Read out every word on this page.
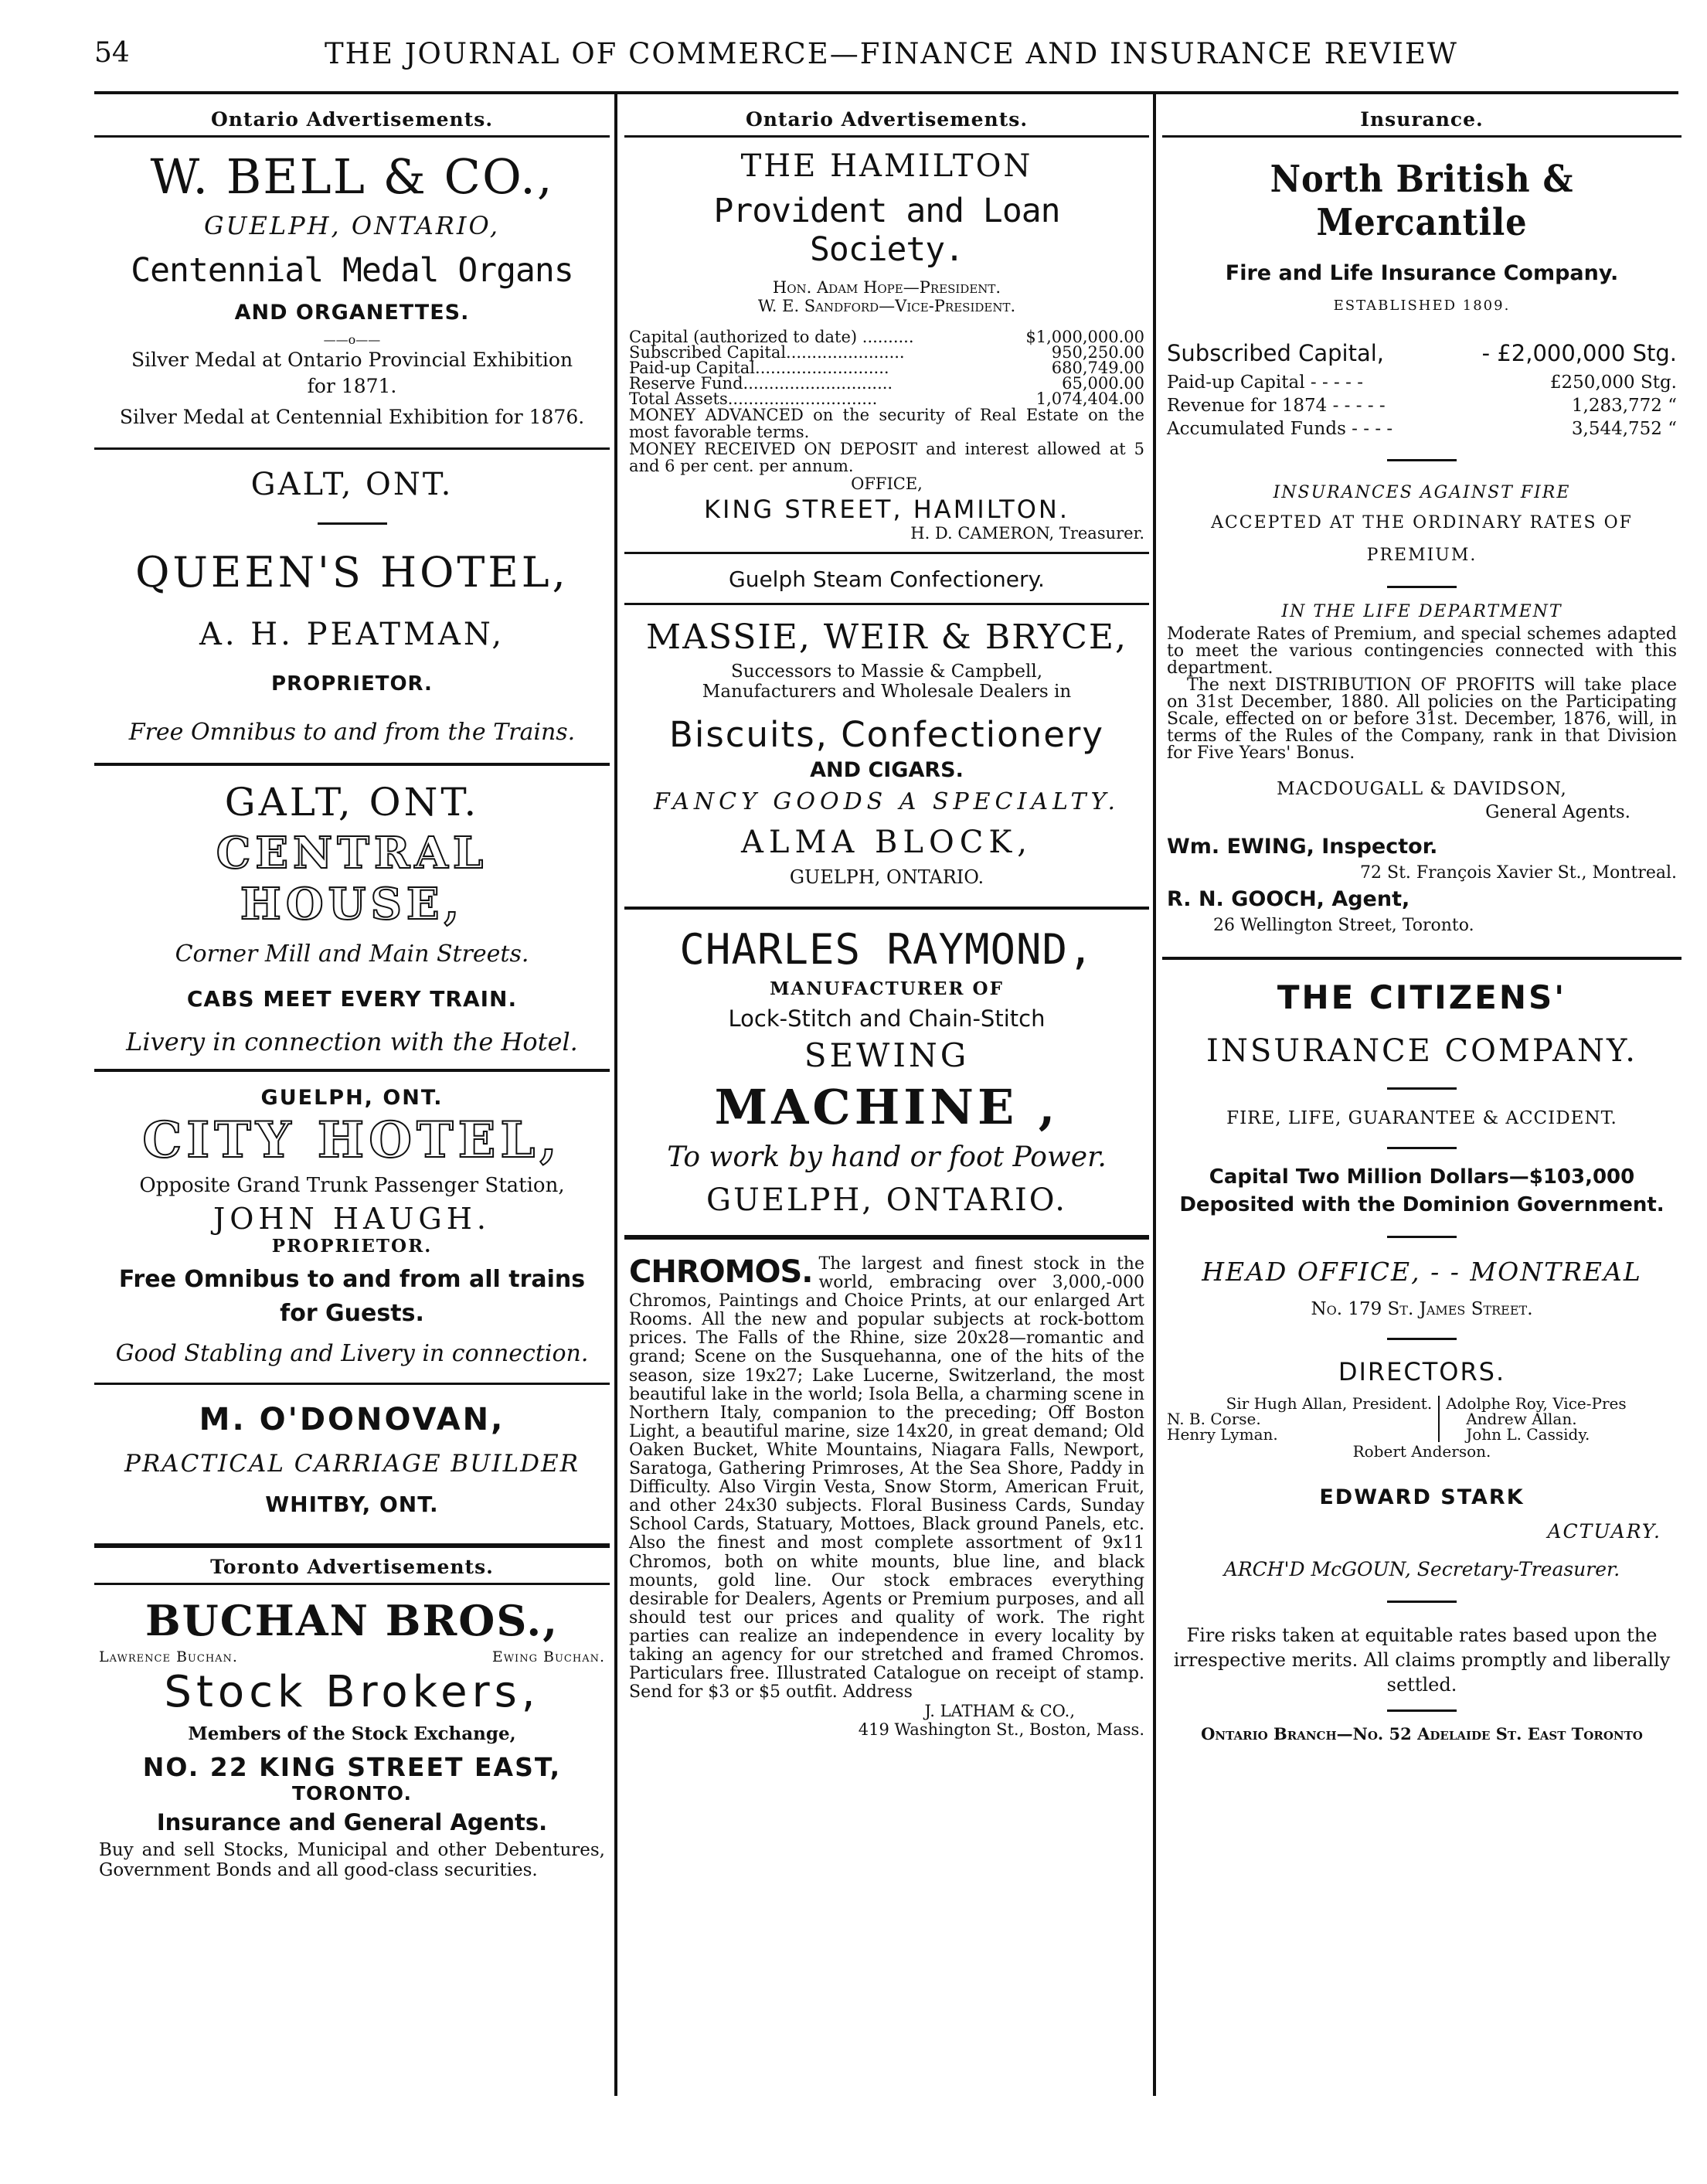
54	THE JOURNAL OF COMMERCE—FINANCE AND INSURANCE REVIEW
Ontario Advertisements.
W. BELL & CO.,
GUELPH, ONTARIO,
Centennial Medal Organs
AND ORGANETTES.
——o——
Silver Medal at Ontario Provincial Exhibition for 1871.
Silver Medal at Centennial Exhibition for 1876.
GALT, ONT.
QUEEN'S HOTEL,
A. H. PEATMAN,
PROPRIETOR.
Free Omnibus to and from the Trains.
GALT, ONT.
CENTRAL HOUSE,
Corner Mill and Main Streets.
CABS MEET EVERY TRAIN.
Livery in connection with the Hotel.
GUELPH, ONT.
CITY HOTEL,
Opposite Grand Trunk Passenger Station,
JOHN HAUGH.
PROPRIETOR.
Free Omnibus to and from all trains for Guests.
Good Stabling and Livery in connection.
M. O'DONOVAN,
PRACTICAL CARRIAGE BUILDER
WHITBY, ONT.
Toronto Advertisements.
BUCHAN BROS.,
Lawrence Buchan.	Ewing Buchan.
Stock Brokers,
Members of the Stock Exchange,
NO. 22 KING STREET EAST,
TORONTO.
Insurance and General Agents.

Buy and sell Stocks, Municipal and other Debentures, Government Bonds and all good-class securities.

Ontario Advertisements.
THE HAMILTON
Provident and Loan Society.
Hon. Adam Hope—President.
W. E. Sandford—Vice-President.
Capital (authorized to date) ..........	$1,000,000.00
Subscribed Capital.......................	950,250.00
Paid-up Capital..........................	680,749.00
Reserve Fund.............................	65,000.00
Total Assets.............................	1,074,404.00

MONEY ADVANCED on the security of Real Estate on the most favorable terms.

MONEY RECEIVED ON DEPOSIT and interest allowed at 5 and 6 per cent. per annum.

OFFICE,
KING STREET, HAMILTON.
H. D. CAMERON, Treasurer.
Guelph Steam Confectionery.
MASSIE, WEIR & BRYCE,
Successors to Massie & Campbell,
Manufacturers and Wholesale Dealers in
Biscuits, Confectionery
AND CIGARS.
FANCY GOODS A SPECIALTY.
ALMA BLOCK,
GUELPH, ONTARIO.
CHARLES RAYMOND,
MANUFACTURER OF
Lock-Stitch and Chain-Stitch
SEWING
MACHINE ,
To work by hand or foot Power.
GUELPH, ONTARIO.

CHROMOS. The largest and finest stock in the world, embracing over 3,000,-000 Chromos, Paintings and Choice Prints, at our enlarged Art Rooms. All the new and popular subjects at rock-bottom prices. The Falls of the Rhine, size 20x28—romantic and grand; Scene on the Susquehanna, one of the hits of the season, size 19x27; Lake Lucerne, Switzerland, the most beautiful lake in the world; Isola Bella, a charming scene in Northern Italy, companion to the preceding; Off Boston Light, a beautiful marine, size 14x20, in great demand; Old Oaken Bucket, White Mountains, Niagara Falls, Newport, Saratoga, Gathering Primroses, At the Sea Shore, Paddy in Difficulty. Also Virgin Vesta, Snow Storm, American Fruit, and other 24x30 subjects. Floral Business Cards, Sunday School Cards, Statuary, Mottoes, Black ground Panels, etc. Also the finest and most complete assortment of 9x11 Chromos, both on white mounts, blue line, and black mounts, gold line. Our stock embraces everything desirable for Dealers, Agents or Premium purposes, and all should test our prices and quality of work. The right parties can realize an independence in every locality by taking an agency for our stretched and framed Chromos. Particulars free. Illustrated Catalogue on receipt of stamp. Send for $3 or $5 outfit. Address

J. LATHAM & CO.,
419 Washington St., Boston, Mass.
Insurance.
North British & Mercantile
Fire and Life Insurance Company.
ESTABLISHED 1809.
Subscribed Capital,	- £2,000,000 Stg.
Paid-up Capital - - - - -	£250,000 Stg.
Revenue for 1874 - - - - -	1,283,772 “
Accumulated Funds - - - -	3,544,752 “
INSURANCES AGAINST FIRE
ACCEPTED AT THE ORDINARY RATES OF PREMIUM.
IN THE LIFE DEPARTMENT

Moderate Rates of Premium, and special schemes adapted to meet the various contingencies connected with this department.

The next DISTRIBUTION OF PROFITS will take place on 31st December, 1880. All policies on the Participating Scale, effected on or before 31st. December, 1876, will, in terms of the Rules of the Company, rank in that Division for Five Years' Bonus.

MACDOUGALL & DAVIDSON,
General Agents.
Wm. EWING, Inspector.
72 St. François Xavier St., Montreal.
R. N. GOOCH, Agent,
26 Wellington Street, Toronto.
THE CITIZENS'
INSURANCE COMPANY.
FIRE, LIFE, GUARANTEE & ACCIDENT.
Capital Two Million Dollars—$103,000 Deposited with the Dominion Government.
HEAD OFFICE, - - MONTREAL
No. 179 St. James Street.
DIRECTORS.
Sir Hugh Allan, President.
N. B. Corse.
Henry Lyman.
Adolphe Roy, Vice-Pres
Andrew Allan.
John L. Cassidy.
Robert Anderson.
EDWARD STARK
ACTUARY.
ARCH'D McGOUN, Secretary-Treasurer.

Fire risks taken at equitable rates based upon the irrespective merits. All claims promptly and liberally settled.

Ontario Branch—No. 52 Adelaide St. East Toronto
